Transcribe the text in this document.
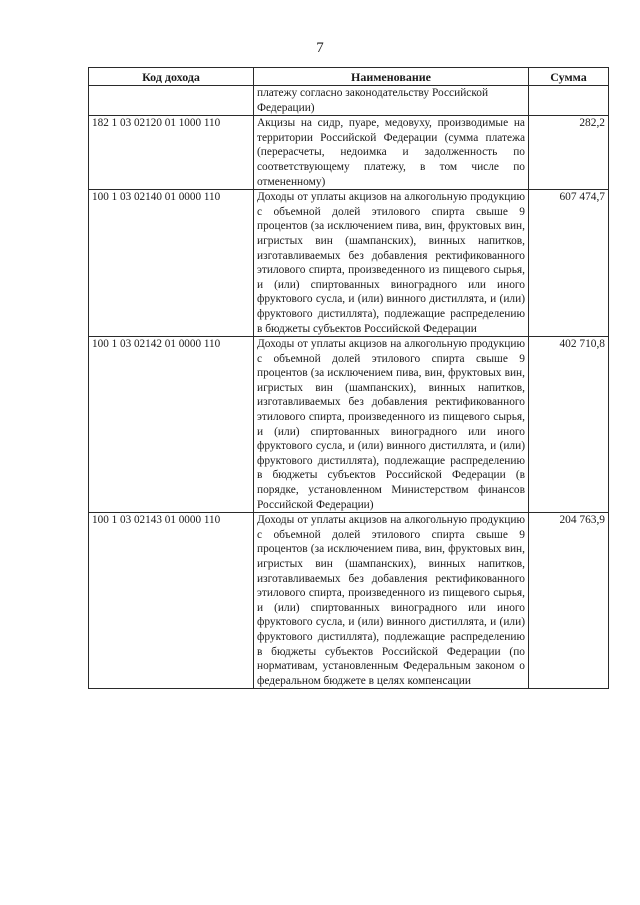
7
Код дохода	Наименование	Сумма
	платежу согласно законодательству Российской Федерации)	
182 1 03 02120 01 1000 110	Акцизы на сидр, пуаре, медовуху, производимые на территории Российской Федерации (сумма платежа (перерасчеты, недоимка и задолженность по соответствующему платежу, в том числе по отмененному)	282,2
100 1 03 02140 01 0000 110	Доходы от уплаты акцизов на алкогольную продукцию с объемной долей этилового спирта свыше 9 процентов (за исключением пива, вин, фруктовых вин, игристых вин (шампанских), винных напитков, изготавливаемых без добавления ректификованного этилового спирта, произведенного из пищевого сырья, и (или) спиртованных виноградного или иного фруктового сусла, и (или) винного дистиллята, и (или) фруктового дистиллята), подлежащие распределению в бюджеты субъектов Российской Федерации	607 474,7
100 1 03 02142 01 0000 110	Доходы от уплаты акцизов на алкогольную продукцию с объемной долей этилового спирта свыше 9 процентов (за исключением пива, вин, фруктовых вин, игристых вин (шампанских), винных напитков, изготавливаемых без добавления ректификованного этилового спирта, произведенного из пищевого сырья, и (или) спиртованных виноградного или иного фруктового сусла, и (или) винного дистиллята, и (или) фруктового дистиллята), подлежащие распределению в бюджеты субъектов Российской Федерации (в порядке, установленном Министерством финансов Российской Федерации)	402 710,8
100 1 03 02143 01 0000 110	Доходы от уплаты акцизов на алкогольную продукцию с объемной долей этилового спирта свыше 9 процентов (за исключением пива, вин, фруктовых вин, игристых вин (шампанских), винных напитков, изготавливаемых без добавления ректификованного этилового спирта, произведенного из пищевого сырья, и (или) спиртованных виноградного или иного фруктового сусла, и (или) винного дистиллята, и (или) фруктового дистиллята), подлежащие распределению в бюджеты субъектов Российской Федерации (по нормативам, установленным Федеральным законом о федеральном бюджете в целях компенсации	204 763,9
